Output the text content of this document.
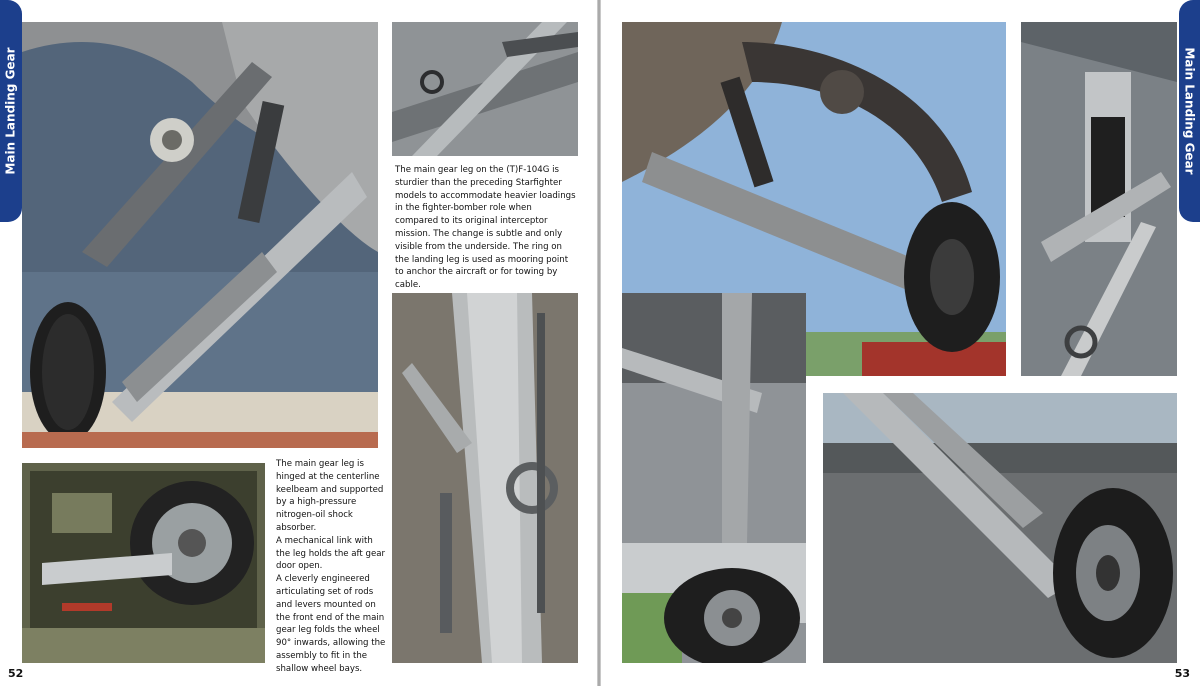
Main Landing Gear	The main gear leg on the (T)F-104G is sturdier than the preceding Starfighter models to accommodate heavier loadings in the fighter-bomber role when compared to its original interceptor mission. The change is subtle and only visible from the underside. The ring on the landing leg is used as mooring point to anchor the aircraft or for towing by cable.

The main gear leg is hinged at the centerline keelbeam and supported by a high-pressure nitrogen-oil shock absorber.

A mechanical link with the leg holds the aft gear door open.

A cleverly engineered articulating set of rods and levers mounted on the front end of the main gear leg folds the wheel 90° inwards, allowing the assembly to fit in the shallow wheel bays.

52
Main Landing Gear
53
